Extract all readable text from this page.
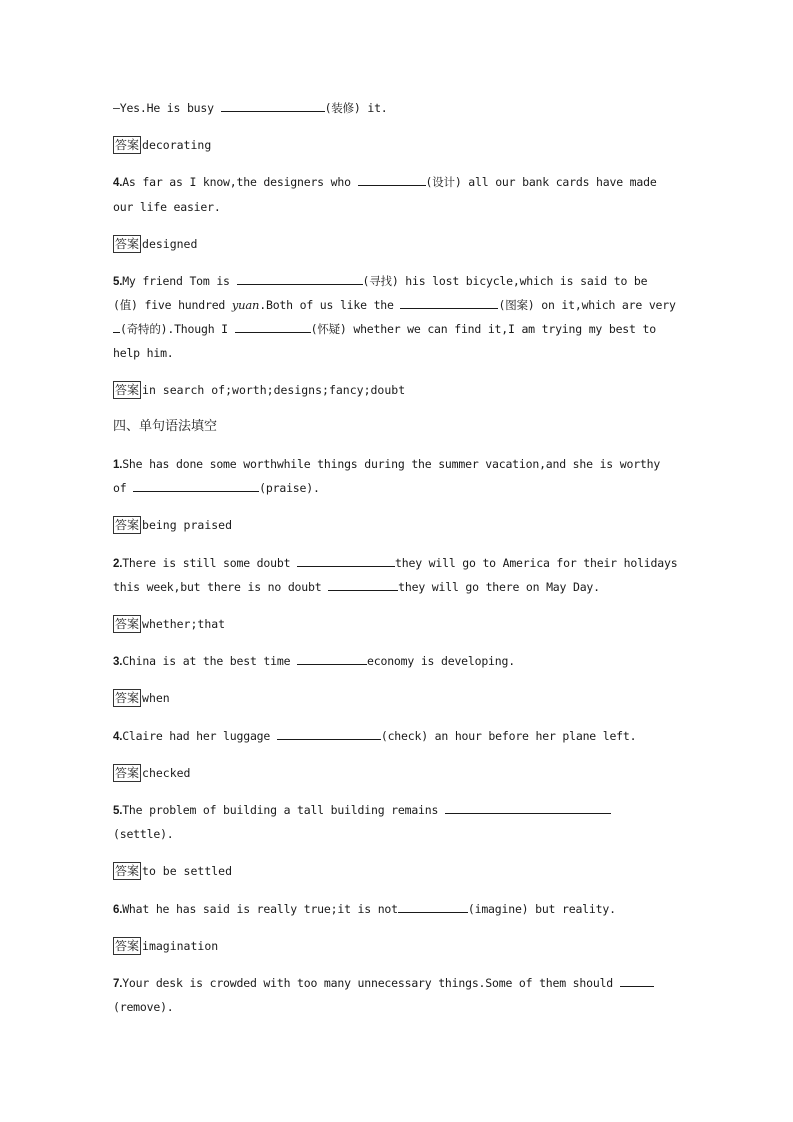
—Yes.He is busy	(装修) it.
答案 decorating
4.As far as I know,the designers who	(设计) all our bank cards have made
our life easier.
答案 designed
5.My friend Tom is	(寻找) his lost bicycle,which is said to be
(值) five hundred yuan.Both of us like the	(图案) on it,which are very
(奇特的).Though I	(怀疑) whether we can find it,I am trying my best to
help him.
答案 in search of;worth;designs;fancy;doubt
四、单句语法填空
1.She has done some worthwhile things during the summer vacation,and she is worthy
of	(praise).
答案 being praised
2.There is still some doubt	they will go to America for their holidays
this week,but there is no doubt	they will go there on May Day.
答案 whether;that
3.China is at the best time	economy is developing.
答案 when
4.Claire had her luggage	(check) an hour before her plane left.
答案 checked
5.The problem of building a tall building remains
(settle).
答案 to be settled
6.What he has said is really true;it is not	(imagine) but reality.
答案 imagination
7.Your desk is crowded with too many unnecessary things.Some of them should
(remove).
